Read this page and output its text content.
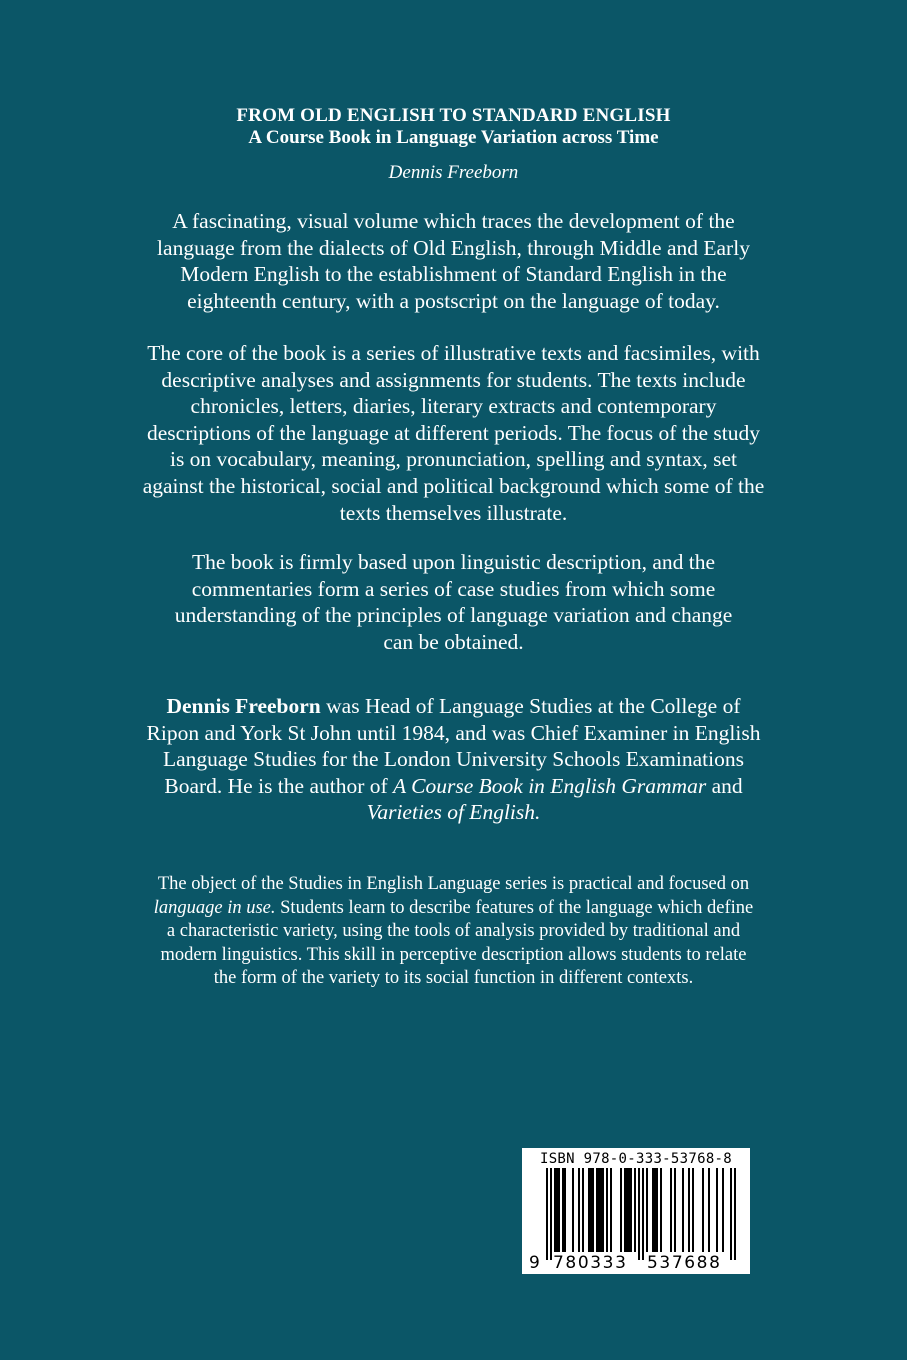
FROM OLD ENGLISH TO STANDARD ENGLISH
A Course Book in Language Variation across Time
Dennis Freeborn
A fascinating, visual volume which traces the development of the
language from the dialects of Old English, through Middle and Early
Modern English to the establishment of Standard English in the
eighteenth century, with a postscript on the language of today.
The core of the book is a series of illustrative texts and facsimiles, with
descriptive analyses and assignments for students. The texts include
chronicles, letters, diaries, literary extracts and contemporary
descriptions of the language at different periods. The focus of the study
is on vocabulary, meaning, pronunciation, spelling and syntax, set
against the historical, social and political background which some of the
texts themselves illustrate.
The book is firmly based upon linguistic description, and the
commentaries form a series of case studies from which some
understanding of the principles of language variation and change
can be obtained.
Dennis Freeborn was Head of Language Studies at the College of
Ripon and York St John until 1984, and was Chief Examiner in English
Language Studies for the London University Schools Examinations
Board. He is the author of A Course Book in English Grammar and
Varieties of English.
The object of the Studies in English Language series is practical and focused on
language in use. Students learn to describe features of the language which define
a characteristic variety, using the tools of analysis provided by traditional and
modern linguistics. This skill in perceptive description allows students to relate
the form of the variety to its social function in different contexts.
ISBN 978-0-333-53768-8
9 780333 537688
